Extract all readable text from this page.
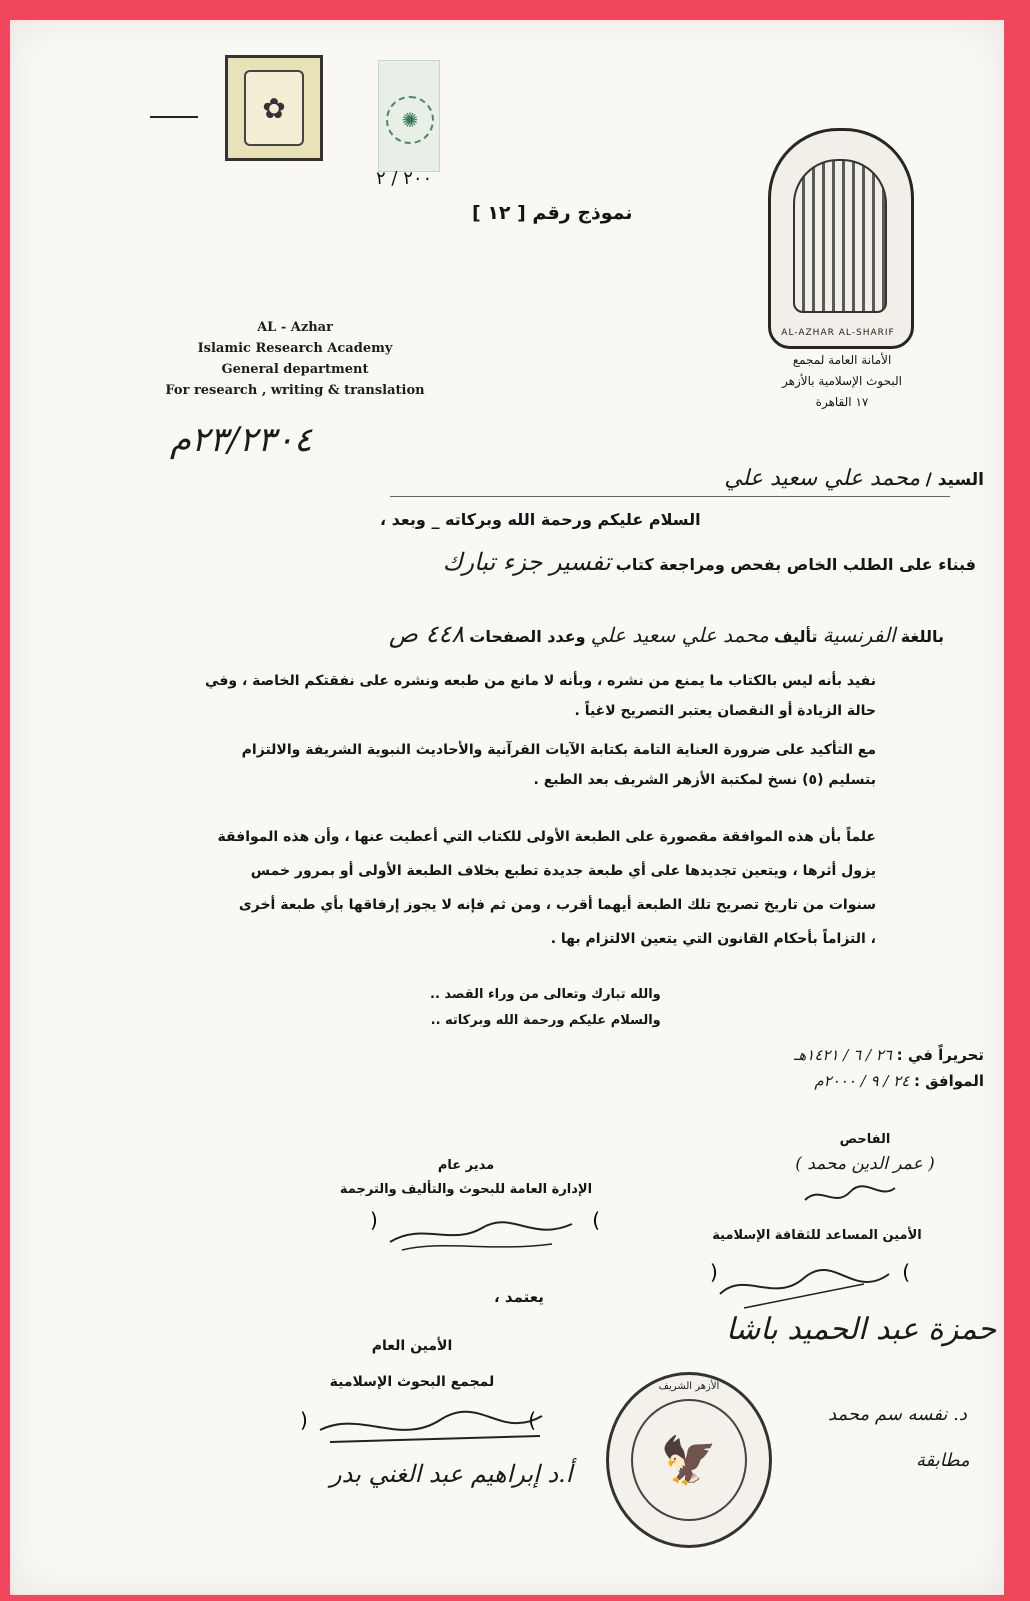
✿	✺
٢٠٠ / ٢
نموذج رقم [ ١٢ ]
AL-AZHAR AL-SHARIF
الأمانة العامة لمجمع
البحوث الإسلامية بالأزهر
١٧ القاهرة
AL - Azhar
Islamic Research Academy
General department
For research , writing & translation
٢٣/٢٣٠٤م
السيد / محمد علي سعيد علي
السلام عليكم ورحمة الله وبركاته _ وبعد ،
فبناء على الطلب الخاص بفحص ومراجعة كتاب تفسير جزء تبارك
باللغة الفرنسية تأليف محمد علي سعيد علي وعدد الصفحات ٤٤٨ ص
نفيد بأنه ليس بالكتاب ما يمنع من نشره ، وبأنه لا مانع من طبعه ونشره على نفقتكم الخاصة ، وفي
حالة الزيادة أو النقصان يعتبر التصريح لاغياً .
مع التأكيد على ضرورة العناية التامة بكتابة الآيات القرآنية والأحاديث النبوية الشريفة والالتزام
بتسليم (٥) نسخ لمكتبة الأزهر الشريف بعد الطبع .
علماً بأن هذه الموافقة مقصورة على الطبعة الأولى للكتاب التي أعطيت عنها ، وأن هذه الموافقة
يزول أثرها ، ويتعين تجديدها على أي طبعة جديدة تطبع بخلاف الطبعة الأولى أو بمرور خمس
سنوات من تاريخ تصريح تلك الطبعة أيهما أقرب ، ومن ثم فإنه لا يجوز إرفاقها بأي طبعة أخرى
، التزاماً بأحكام القانون التي يتعين الالتزام بها .
والله تبارك وتعالى من وراء القصد ..
والسلام عليكم ورحمة الله وبركاته ..
تحريراً في : ٢٦ / ٦ / ١٤٢١هـ
الموافق : ٢٤ / ٩ / ٢٠٠٠م
الفاحص
( عمر الدين محمد )
مدير عام
الإدارة العامة للبحوث والتأليف والترجمة
)	(
الأمين المساعد للثقافة الإسلامية
)	(
حمزة عبد الحميد باشا
يعتمد ،
الأمين العام
لمجمع البحوث الإسلامية
)	(
أ.د إبراهيم عبد الغني بدر
الأزهر الشريف
🦅
د. نفسه سم محمد
مطابقة
